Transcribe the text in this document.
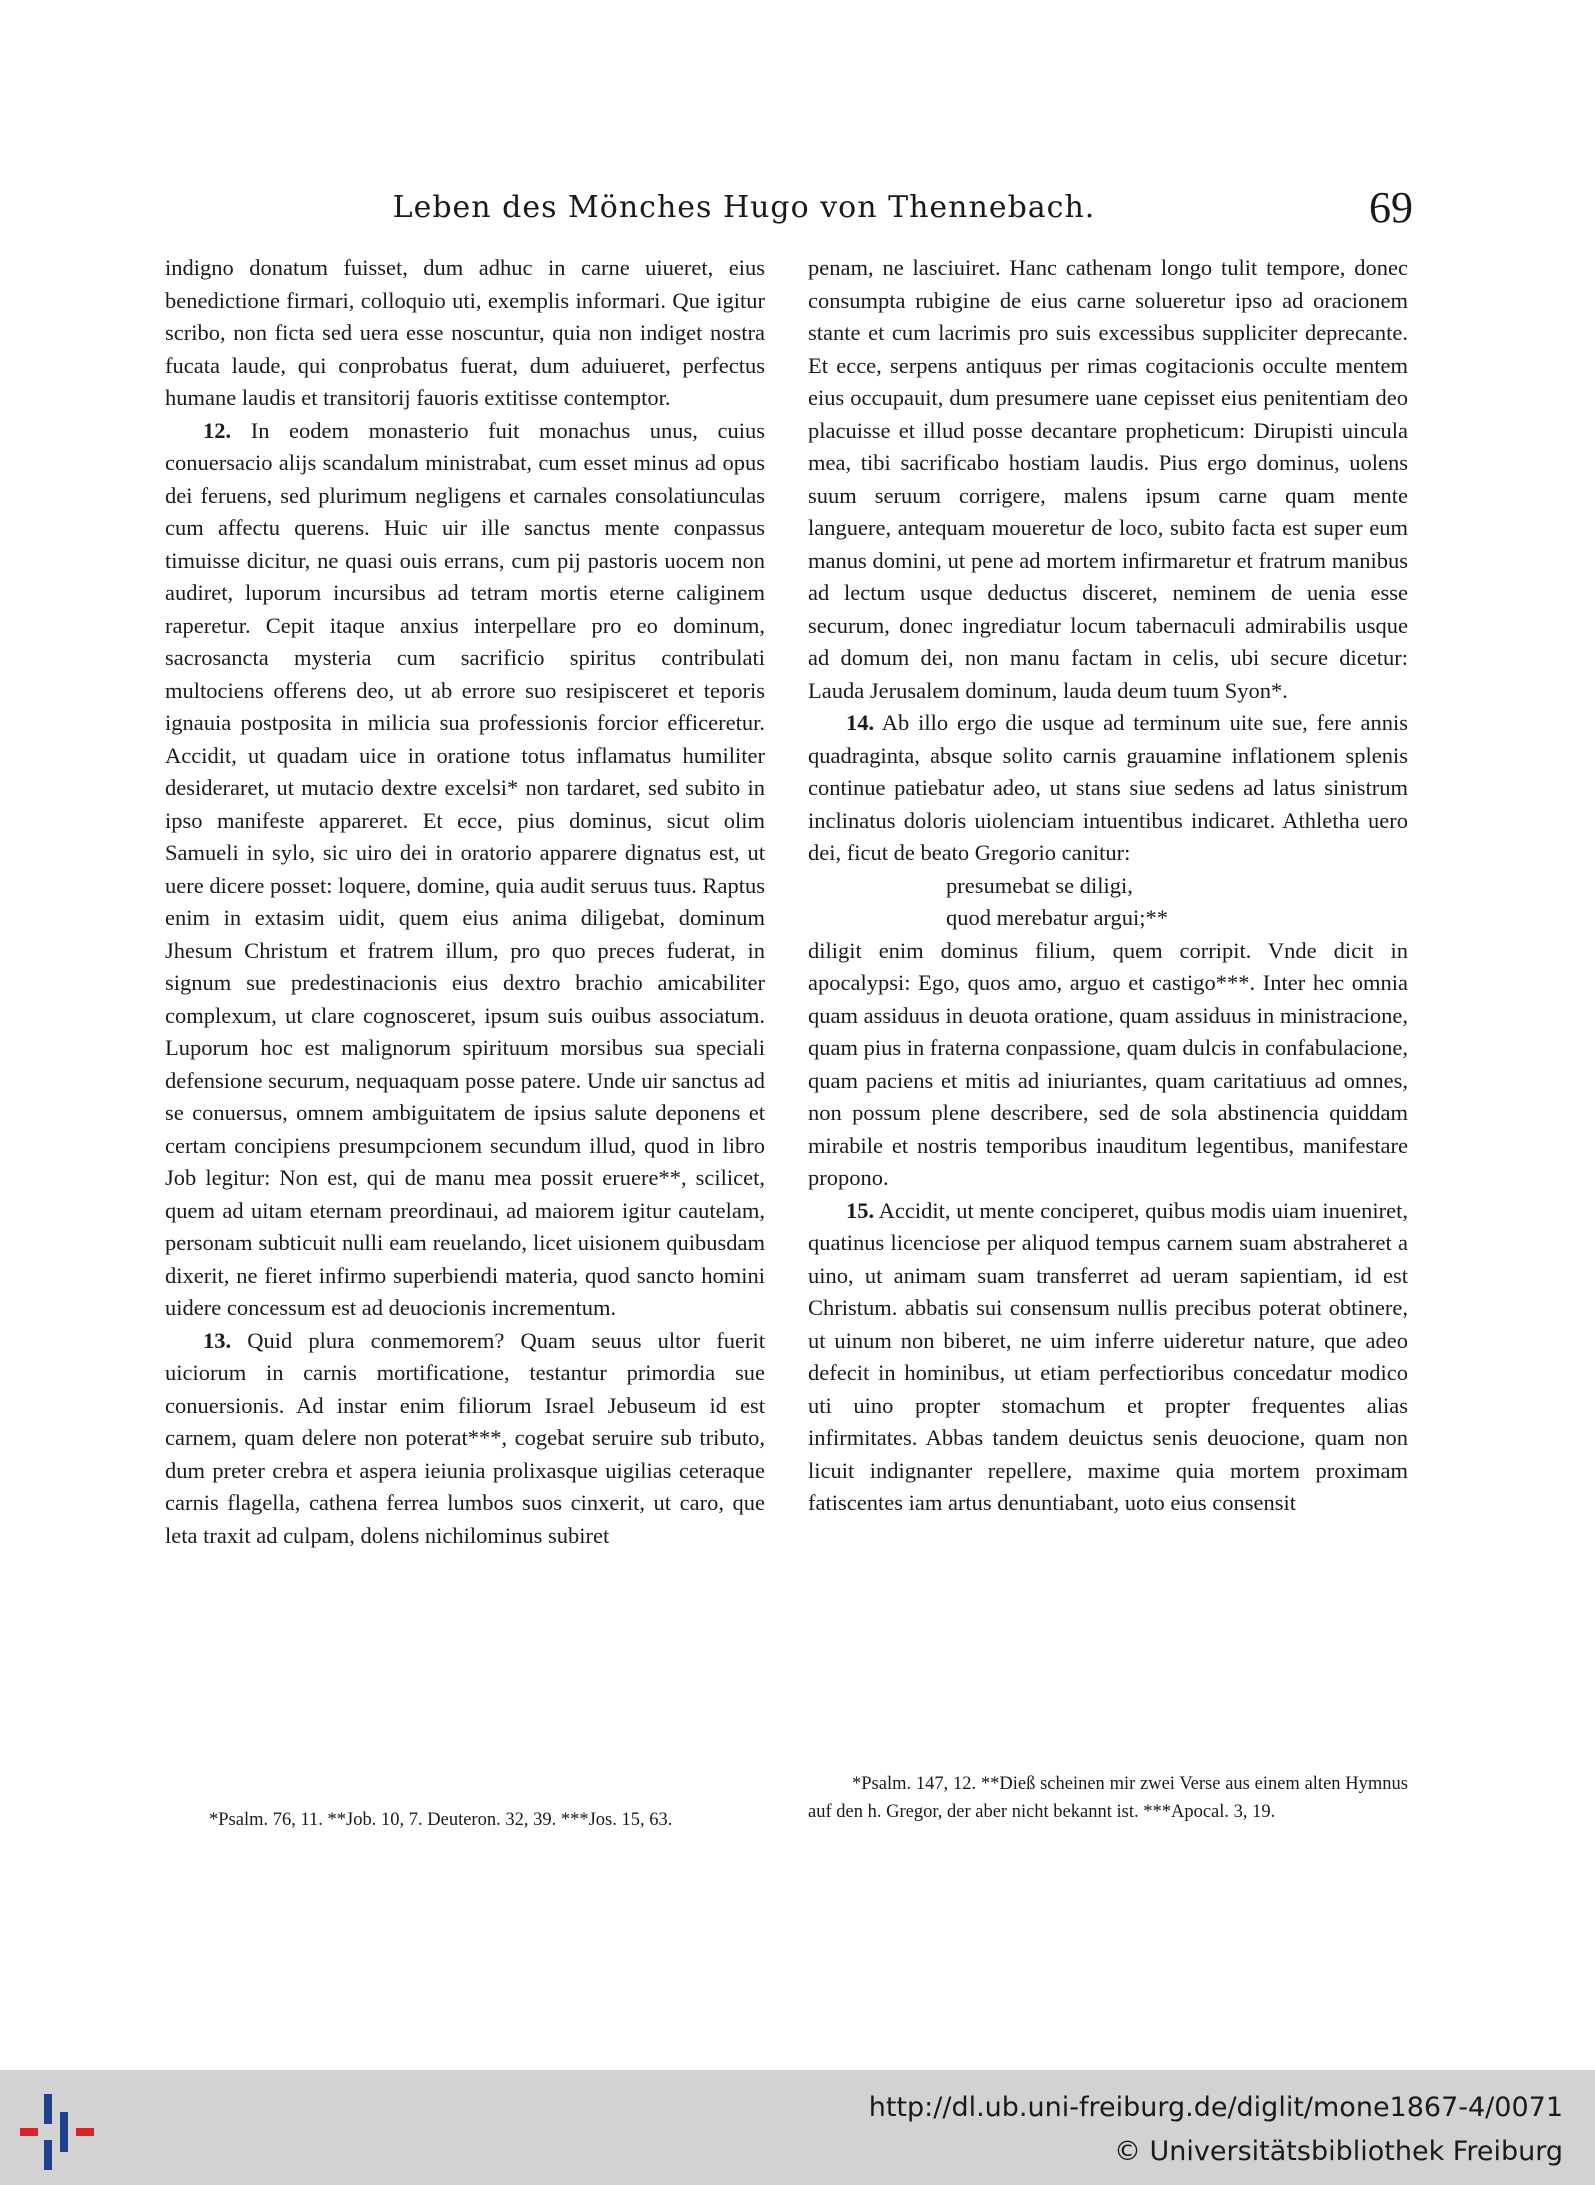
Leben des Mönches Hugo von Thennebach.	69

indigno donatum fuisset, dum adhuc in carne uiueret, eius benedictione firmari, colloquio uti, exemplis informari. Que igitur scribo, non ficta sed uera esse noscuntur, quia non indiget nostra fucata laude, qui conprobatus fuerat, dum aduiueret, perfectus humane laudis et transitorij fauoris extitisse contemptor.

12. In eodem monasterio fuit monachus unus, cuius conuersacio alijs scandalum ministrabat, cum esset minus ad opus dei feruens, sed plurimum negligens et carnales consolatiunculas cum affectu querens. Huic uir ille sanctus mente conpassus timuisse dicitur, ne quasi ouis errans, cum pij pastoris uocem non audiret, luporum incursibus ad tetram mortis eterne caliginem raperetur. Cepit itaque anxius interpellare pro eo dominum, sacrosancta mysteria cum sacrificio spiritus contribulati multociens offerens deo, ut ab errore suo resipisceret et teporis ignauia postposita in milicia sua professionis forcior efficeretur. Accidit, ut quadam uice in oratione totus inflamatus humiliter desideraret, ut mutacio dextre excelsi* non tardaret, sed subito in ipso manifeste appareret. Et ecce, pius dominus, sicut olim Samueli in sylo, sic uiro dei in oratorio apparere dignatus est, ut uere dicere posset: loquere, domine, quia audit seruus tuus. Raptus enim in extasim uidit, quem eius anima diligebat, dominum Jhesum Christum et fratrem illum, pro quo preces fuderat, in signum sue predestinacionis eius dextro brachio amicabiliter complexum, ut clare cognosceret, ipsum suis ouibus associatum. Luporum hoc est malignorum spirituum morsibus sua speciali defensione securum, nequaquam posse patere. Unde uir sanctus ad se conuersus, omnem ambiguitatem de ipsius salute deponens et certam concipiens presumpcionem secundum illud, quod in libro Job legitur: Non est, qui de manu mea possit eruere**, scilicet, quem ad uitam eternam preordinaui, ad maiorem igitur cautelam, personam subticuit nulli eam reuelando, licet uisionem quibusdam dixerit, ne fieret infirmo superbiendi materia, quod sancto homini uidere concessum est ad deuocionis incrementum.

13. Quid plura conmemorem? Quam seuus ultor fuerit uiciorum in carnis mortificatione, testantur primordia sue conuersionis. Ad instar enim filiorum Israel Jebuseum id est carnem, quam delere non poterat***, cogebat seruire sub tributo, dum preter crebra et aspera ieiunia prolixasque uigilias ceteraque carnis flagella, cathena ferrea lumbos suos cinxerit, ut caro, que leta traxit ad culpam, dolens nichilominus subiret

*Psalm. 76, 11. **Job. 10, 7. Deuteron. 32, 39. ***Jos. 15, 63.

penam, ne lasciuiret. Hanc cathenam longo tulit tempore, donec consumpta rubigine de eius carne solueretur ipso ad oracionem stante et cum lacrimis pro suis excessibus suppliciter deprecante. Et ecce, serpens antiquus per rimas cogitacionis occulte mentem eius occupauit, dum presumere uane cepisset eius penitentiam deo placuisse et illud posse decantare propheticum: Dirupisti uincula mea, tibi sacrificabo hostiam laudis. Pius ergo dominus, uolens suum seruum corrigere, malens ipsum carne quam mente languere, antequam moueretur de loco, subito facta est super eum manus domini, ut pene ad mortem infirmaretur et fratrum manibus ad lectum usque deductus disceret, neminem de uenia esse securum, donec ingrediatur locum tabernaculi admirabilis usque ad domum dei, non manu factam in celis, ubi secure dicetur: Lauda Jerusalem dominum, lauda deum tuum Syon*.

14. Ab illo ergo die usque ad terminum uite sue, fere annis quadraginta, absque solito carnis grauamine inflationem splenis continue patiebatur adeo, ut stans siue sedens ad latus sinistrum inclinatus doloris uiolenciam intuentibus indicaret. Athletha uero dei, ficut de beato Gregorio canitur:

presumebat se diligi,
quod merebatur argui;**

diligit enim dominus filium, quem corripit. Vnde dicit in apocalypsi: Ego, quos amo, arguo et castigo***. Inter hec omnia quam assiduus in deuota oratione, quam assiduus in ministracione, quam pius in fraterna conpassione, quam dulcis in confabulacione, quam paciens et mitis ad iniuriantes, quam caritatiuus ad omnes, non possum plene describere, sed de sola abstinencia quiddam mirabile et nostris temporibus inauditum legentibus, manifestare propono.

15. Accidit, ut mente conciperet, quibus modis uiam inueniret, quatinus licenciose per aliquod tempus carnem suam abstraheret a uino, ut animam suam transferret ad ueram sapientiam, id est Christum. abbatis sui consensum nullis precibus poterat obtinere, ut uinum non biberet, ne uim inferre uideretur nature, que adeo defecit in hominibus, ut etiam perfectioribus concedatur modico uti uino propter stomachum et propter frequentes alias infirmitates. Abbas tandem deuictus senis deuocione, quam non licuit indignanter repellere, maxime quia mortem proximam fatiscentes iam artus denuntiabant, uoto eius consensit

*Psalm. 147, 12. **Dieß scheinen mir zwei Verse aus einem alten Hymnus auf den h. Gregor, der aber nicht bekannt ist. ***Apocal. 3, 19.
http://dl.ub.uni-freiburg.de/diglit/mone1867-4/0071
© Universitätsbibliothek Freiburg
